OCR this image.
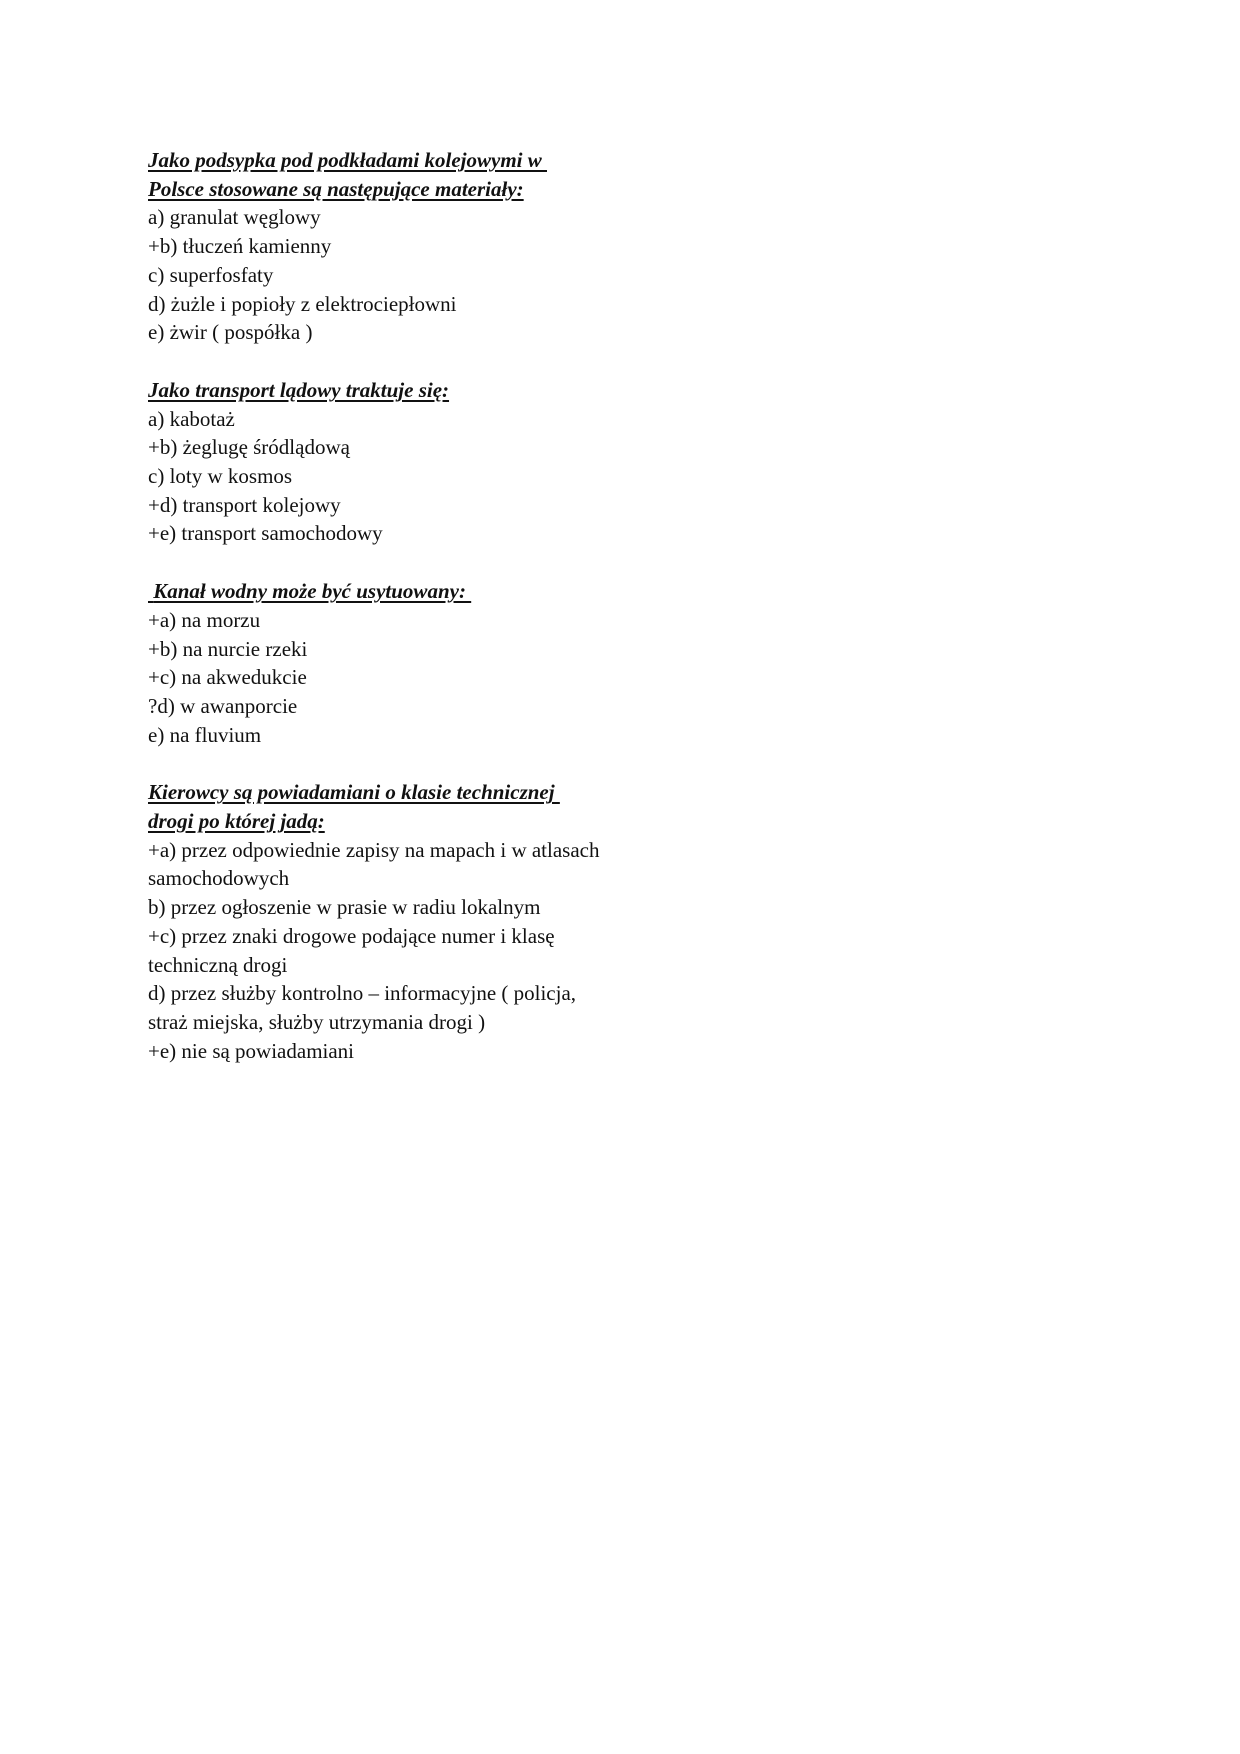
Jako podsypka pod podkładami kolejowymi w

Polsce stosowane są następujące materiały:

a) granulat węglowy

+b) tłuczeń kamienny

c) superfosfaty

d) żużle i popioły z elektrociepłowni

e) żwir ( pospółka )

Jako transport lądowy traktuje się:

a) kabotaż

+b) żeglugę śródlądową

c) loty w kosmos

+d) transport kolejowy

+e) transport samochodowy

Kanał wodny może być usytuowany:

+a) na morzu

+b) na nurcie rzeki

+c) na akwedukcie

?d) w awanporcie

e) na fluvium

Kierowcy są powiadamiani o klasie technicznej

drogi po której jadą:

+a) przez odpowiednie zapisy na mapach i w atlasach

samochodowych

b) przez ogłoszenie w prasie w radiu lokalnym

+c) przez znaki drogowe podające numer i klasę

techniczną drogi

d) przez służby kontrolno – informacyjne ( policja,

straż miejska, służby utrzymania drogi )

+e) nie są powiadamiani
